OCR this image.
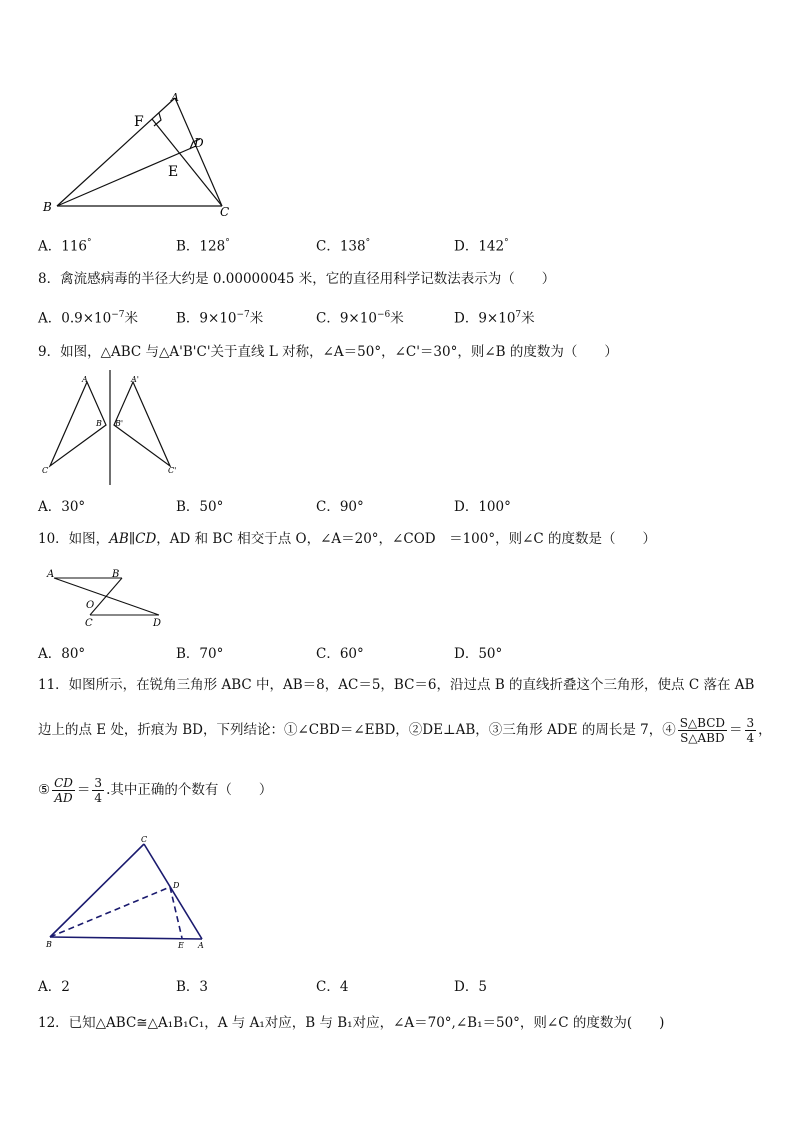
A
F
D
E
B	C
A．116°	B．128°	C．138°	D．142°
8．禽流感病毒的半径大约是 0.00000045 米，它的直径用科学记数法表示为（　　）
A．$0.9\times 10^{-7}$米	B．$9\times 10^{-7}$米	C．$9\times 10^{-6}$米	D．$9\times 10^7$米
9．如图，△ABC 与△A'B'C'关于直线 L 对称，∠A＝50°，∠C'＝30°，则∠B 的度数为（　　）
A
B
C
A'
B'
C'
A．30°	B．50°	C．90°	D．100°
10．如图，AB∥CD，AD 和 BC 相交于点 O，∠A＝20°，∠COD　＝100°，则∠C 的度数是（　　）
A	B
O
C	D
A．80°	B．70°	C．60°	D．50°
11．如图所示，在锐角三角形 ABC 中，AB＝8，AC＝5，BC＝6，沿过点 B 的直线折叠这个三角形，使点 C 落在 AB
边上的点 E 处，折痕为 BD，下列结论：①∠CBD＝∠EBD，②DE⊥AB，③三角形 ADE 的周长是 7，④ $\frac{\text{S△BCD}}{\text{S△ABD}} = \frac{3}{4}$ ，
⑤ $\frac{CD}{AD} = \frac{3}{4}$ .其中正确的个数有（　　）
C
D
B	E A
A．2	B．3	C．4	D．5
12．已知△ABC≅△A₁B₁C₁，A 与 A₁对应，B 与 B₁对应，∠A＝70°,∠B₁＝50°，则∠C 的度数为(　　)
